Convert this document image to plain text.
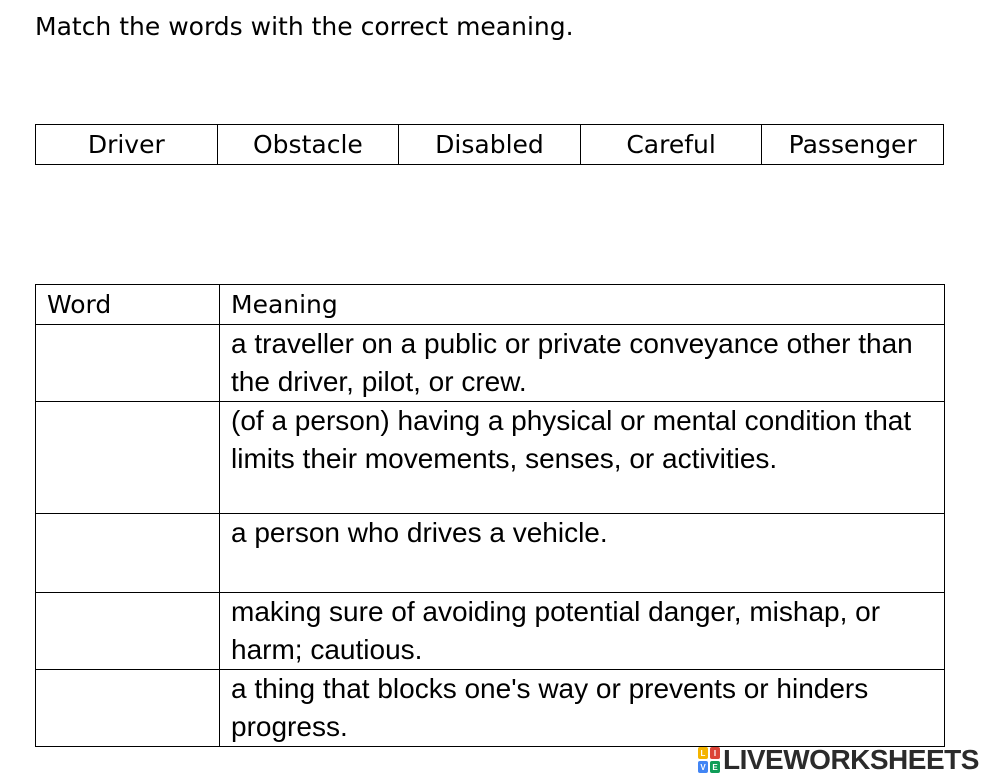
Match the words with the correct meaning.
Driver	Obstacle	Disabled	Careful	Passenger
Word	Meaning

	a traveller on a public or private conveyance other than the driver, pilot, or crew.

	(of a person) having a physical or mental condition that limits their movements, senses, or activities.

	a person who drives a vehicle.

	making sure of avoiding potential danger, mishap, or harm; cautious.

	a thing that blocks one's way or prevents or hinders progress.
L I
V E LIVEWORKSHEETS
